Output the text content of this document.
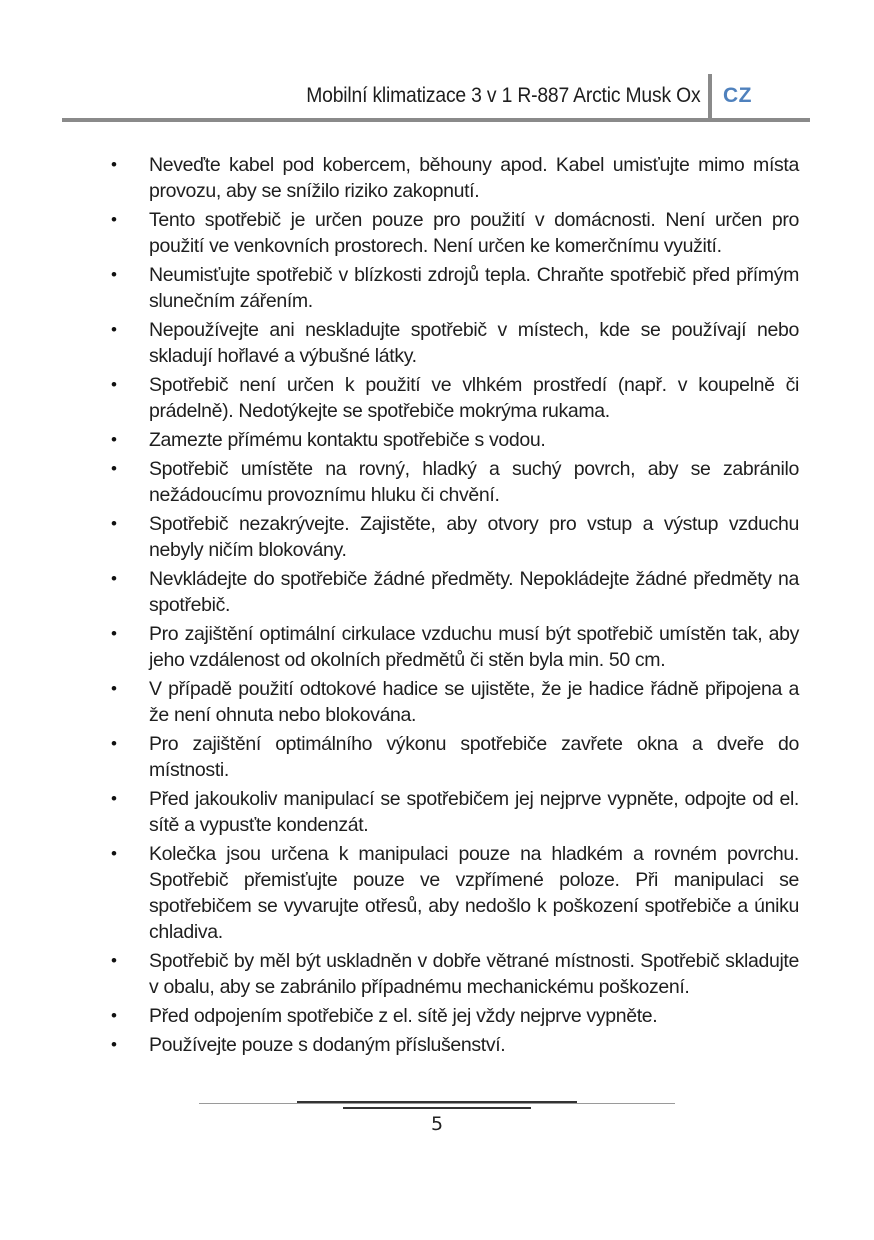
Mobilní klimatizace 3 v 1 R-887 Arctic Musk Ox CZ
• Neveďte kabel pod kobercem, běhouny apod. Kabel umisťujte mimo místa provozu, aby se snížilo riziko zakopnutí.
• Tento spotřebič je určen pouze pro použití v domácnosti. Není určen pro použití ve venkovních prostorech. Není určen ke komerčnímu využití.
• Neumisťujte spotřebič v blízkosti zdrojů tepla. Chraňte spotřebič před přímým slunečním zářením.
• Nepoužívejte ani neskladujte spotřebič v místech, kde se používají nebo skladují hořlavé a výbušné látky.
• Spotřebič není určen k použití ve vlhkém prostředí (např. v koupelně či prádelně). Nedotýkejte se spotřebiče mokrýma rukama.
• Zamezte přímému kontaktu spotřebiče s vodou.
• Spotřebič umístěte na rovný, hladký a suchý povrch, aby se zabránilo nežádoucímu provoznímu hluku či chvění.
• Spotřebič nezakrývejte. Zajistěte, aby otvory pro vstup a výstup vzduchu nebyly ničím blokovány.
• Nevkládejte do spotřebiče žádné předměty. Nepokládejte žádné předměty na spotřebič.
• Pro zajištění optimální cirkulace vzduchu musí být spotřebič umístěn tak, aby jeho vzdálenost od okolních předmětů či stěn byla min. 50 cm.
• V případě použití odtokové hadice se ujistěte, že je hadice řádně připojena a že není ohnuta nebo blokována.
• Pro zajištění optimálního výkonu spotřebiče zavřete okna a dveře do místnosti.
• Před jakoukoliv manipulací se spotřebičem jej nejprve vypněte, odpojte od el. sítě a vypusťte kondenzát.
• Kolečka jsou určena k manipulaci pouze na hladkém a rovném povrchu. Spotřebič přemisťujte pouze ve vzpřímené poloze. Při manipulaci se spotřebičem se vyvarujte otřesů, aby nedošlo k poškození spotřebiče a úniku chladiva.
• Spotřebič by měl být uskladněn v dobře větrané místnosti. Spotřebič skladujte v obalu, aby se zabránilo případnému mechanickému poškození.
• Před odpojením spotřebiče z el. sítě jej vždy nejprve vypněte.
• Používejte pouze s dodaným příslušenství.
5
